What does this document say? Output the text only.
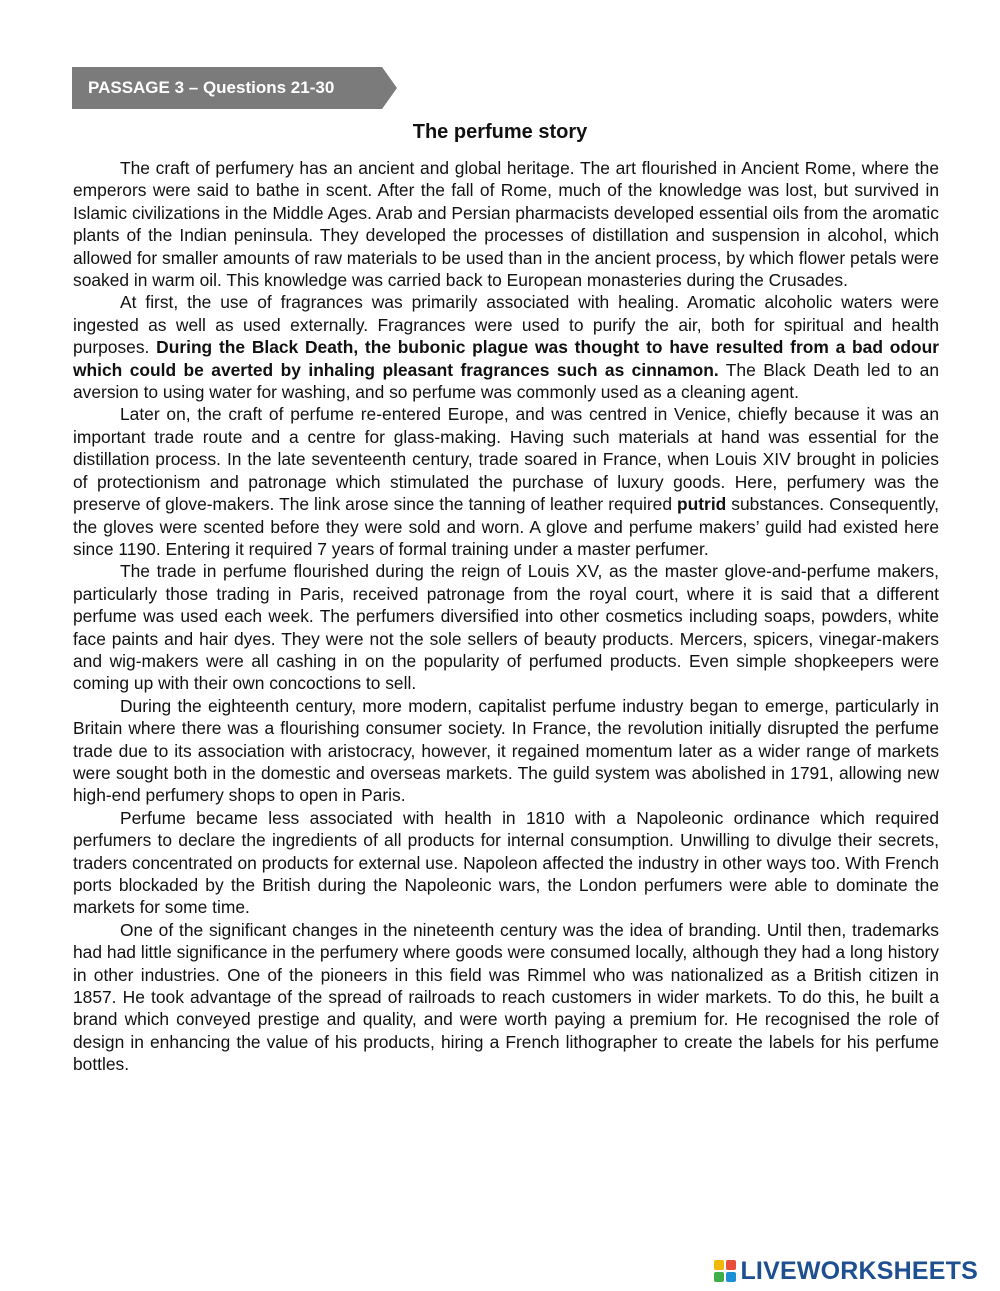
PASSAGE 3 – Questions 21-30
The perfume story

The craft of perfumery has an ancient and global heritage. The art flourished in Ancient Rome, where the emperors were said to bathe in scent. After the fall of Rome, much of the knowledge was lost, but survived in Islamic civilizations in the Middle Ages. Arab and Persian pharmacists developed essential oils from the aromatic plants of the Indian peninsula. They developed the processes of distillation and suspension in alcohol, which allowed for smaller amounts of raw materials to be used than in the ancient process, by which flower petals were soaked in warm oil. This knowledge was carried back to European monasteries during the Crusades.

At first, the use of fragrances was primarily associated with healing. Aromatic alcoholic waters were ingested as well as used externally. Fragrances were used to purify the air, both for spiritual and health purposes. During the Black Death, the bubonic plague was thought to have resulted from a bad odour which could be averted by inhaling pleasant fragrances such as cinnamon. The Black Death led to an aversion to using water for washing, and so perfume was commonly used as a cleaning agent.

Later on, the craft of perfume re-entered Europe, and was centred in Venice, chiefly because it was an important trade route and a centre for glass-making. Having such materials at hand was essential for the distillation process. In the late seventeenth century, trade soared in France, when Louis XIV brought in policies of protectionism and patronage which stimulated the purchase of luxury goods. Here, perfumery was the preserve of glove-makers. The link arose since the tanning of leather required putrid substances. Consequently, the gloves were scented before they were sold and worn. A glove and perfume makers’ guild had existed here since 1190. Entering it required 7 years of formal training under a master perfumer.

The trade in perfume flourished during the reign of Louis XV, as the master glove-and-perfume makers, particularly those trading in Paris, received patronage from the royal court, where it is said that a different perfume was used each week. The perfumers diversified into other cosmetics including soaps, powders, white face paints and hair dyes. They were not the sole sellers of beauty products. Mercers, spicers, vinegar-makers and wig-makers were all cashing in on the popularity of perfumed products. Even simple shopkeepers were coming up with their own concoctions to sell.

During the eighteenth century, more modern, capitalist perfume industry began to emerge, particularly in Britain where there was a flourishing consumer society. In France, the revolution initially disrupted the perfume trade due to its association with aristocracy, however, it regained momentum later as a wider range of markets were sought both in the domestic and overseas markets. The guild system was abolished in 1791, allowing new high-end perfumery shops to open in Paris.

Perfume became less associated with health in 1810 with a Napoleonic ordinance which required perfumers to declare the ingredients of all products for internal consumption. Unwilling to divulge their secrets, traders concentrated on products for external use. Napoleon affected the industry in other ways too. With French ports blockaded by the British during the Napoleonic wars, the London perfumers were able to dominate the markets for some time.

One of the significant changes in the nineteenth century was the idea of branding. Until then, trademarks had had little significance in the perfumery where goods were consumed locally, although they had a long history in other industries. One of the pioneers in this field was Rimmel who was nationalized as a British citizen in 1857. He took advantage of the spread of railroads to reach customers in wider markets. To do this, he built a brand which conveyed prestige and quality, and were worth paying a premium for. He recognised the role of design in enhancing the value of his products, hiring a French lithographer to create the labels for his perfume bottles.

LIVEWORKSHEETS
